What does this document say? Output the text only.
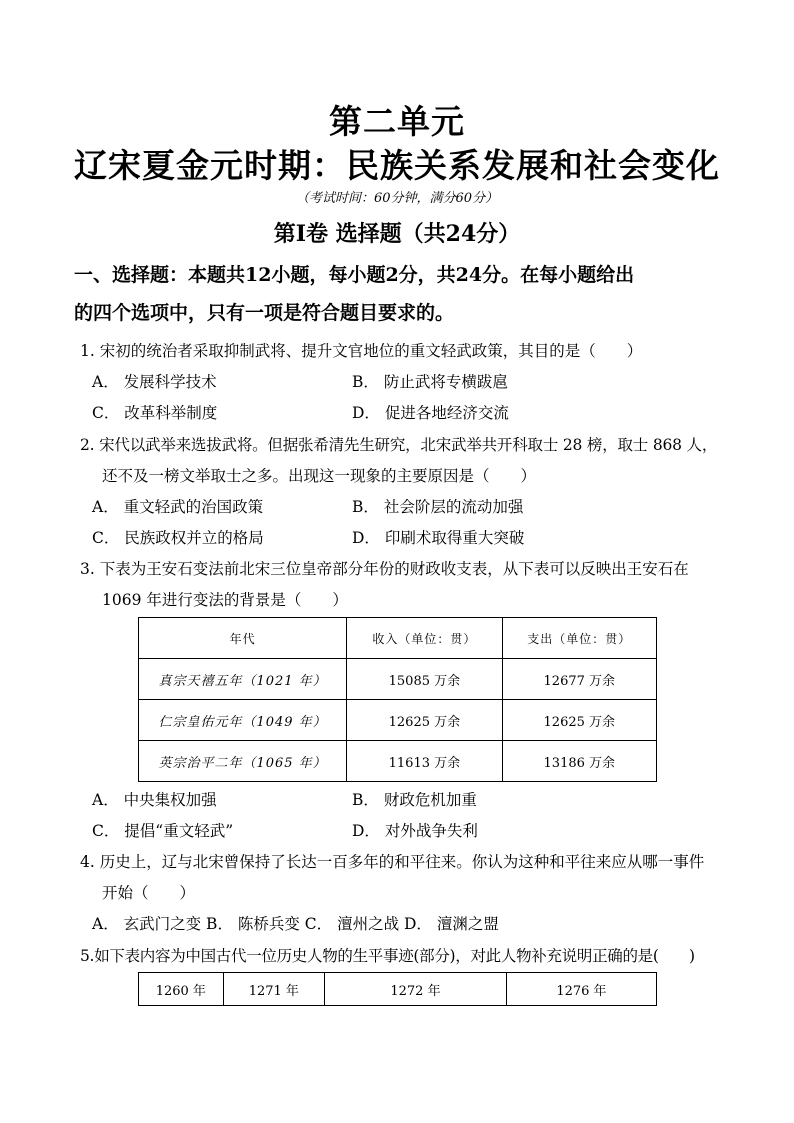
第二单元
辽宋夏金元时期：民族关系发展和社会变化
（考试时间：60分钟，满分60分）
第I卷 选择题（共24分）
一、选择题：本题共12小题，每小题2分，共24分。在每小题给出
的四个选项中，只有一项是符合题目要求的。
1. 宋初的统治者采取抑制武将、提升文官地位的重文轻武政策，其目的是（　　）
A． 发展科学技术	B． 防止武将专横跋扈
C． 改革科举制度	D． 促进各地经济交流
2. 宋代以武举来选拔武将。但据张希清先生研究，北宋武举共开科取士 28 榜，取士 868 人，
还不及一榜文举取士之多。出现这一现象的主要原因是（　　）
A． 重文轻武的治国政策	B． 社会阶层的流动加强
C． 民族政权并立的格局	D． 印刷术取得重大突破
3. 下表为王安石变法前北宋三位皇帝部分年份的财政收支表，从下表可以反映出王安石在
1069 年进行变法的背景是（　　）
年代	收入（单位：贯）	支出（单位：贯）
真宗天禧五年（1021 年）	15085 万余	12677 万余
仁宗皇佑元年（1049 年）	12625 万余	12625 万余
英宗治平二年（1065 年）	11613 万余	13186 万余
A． 中央集权加强	B． 财政危机加重
C． 提倡“重文轻武”	D． 对外战争失利
4. 历史上，辽与北宋曾保持了长达一百多年的和平往来。你认为这种和平往来应从哪一事件
开始（　　）
A． 玄武门之变 B． 陈桥兵变 C． 澶州之战 D． 澶渊之盟
5.如下表内容为中国古代一位历史人物的生平事迹(部分)，对此人物补充说明正确的是(　　)
1260 年	1271 年	1272 年	1276 年
